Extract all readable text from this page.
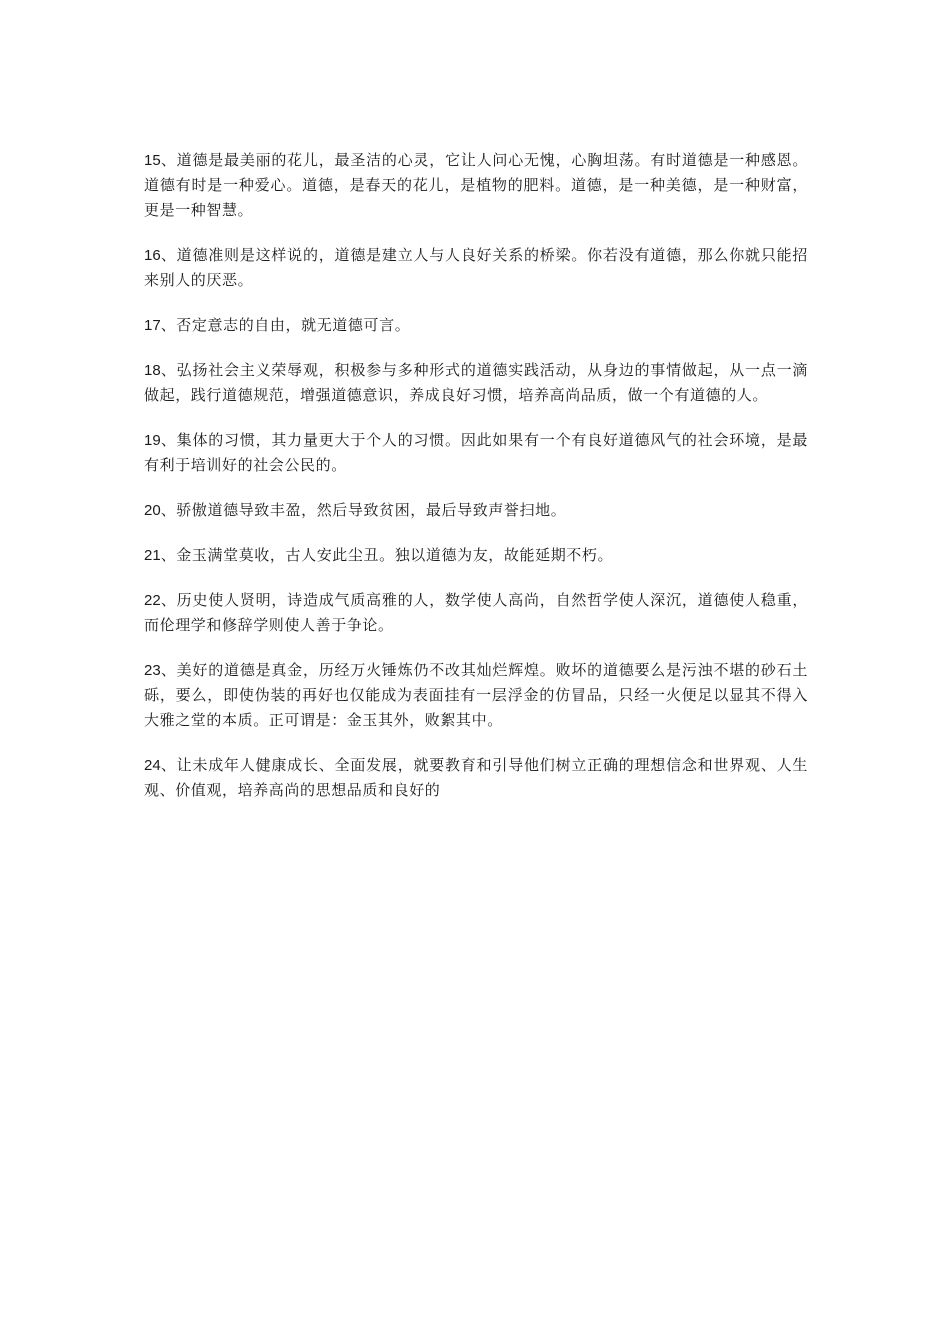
15、道德是最美丽的花儿，最圣洁的心灵，它让人问心无愧，心胸坦荡。有时道德是一种感恩。道德有时是一种爱心。道德，是春天的花儿，是植物的肥料。道德，是一种美德，是一种财富，更是一种智慧。

16、道德准则是这样说的，道德是建立人与人良好关系的桥梁。你若没有道德，那么你就只能招来别人的厌恶。

17、否定意志的自由，就无道德可言。

18、弘扬社会主义荣辱观，积极参与多种形式的道德实践活动，从身边的事情做起，从一点一滴做起，践行道德规范，增强道德意识，养成良好习惯，培养高尚品质，做一个有道德的人。

19、集体的习惯，其力量更大于个人的习惯。因此如果有一个有良好道德风气的社会环境，是最有利于培训好的社会公民的。

20、骄傲道德导致丰盈，然后导致贫困，最后导致声誉扫地。

21、金玉满堂莫收，古人安此尘丑。独以道德为友，故能延期不朽。

22、历史使人贤明，诗造成气质高雅的人，数学使人高尚，自然哲学使人深沉，道德使人稳重，而伦理学和修辞学则使人善于争论。

23、美好的道德是真金，历经万火锤炼仍不改其灿烂辉煌。败坏的道德要么是污浊不堪的砂石土砾，要么，即使伪装的再好也仅能成为表面挂有一层浮金的仿冒品，只经一火便足以显其不得入大雅之堂的本质。正可谓是：金玉其外，败絮其中。

24、让未成年人健康成长、全面发展，就要教育和引导他们树立正确的理想信念和世界观、人生观、价值观，培养高尚的思想品质和良好的
